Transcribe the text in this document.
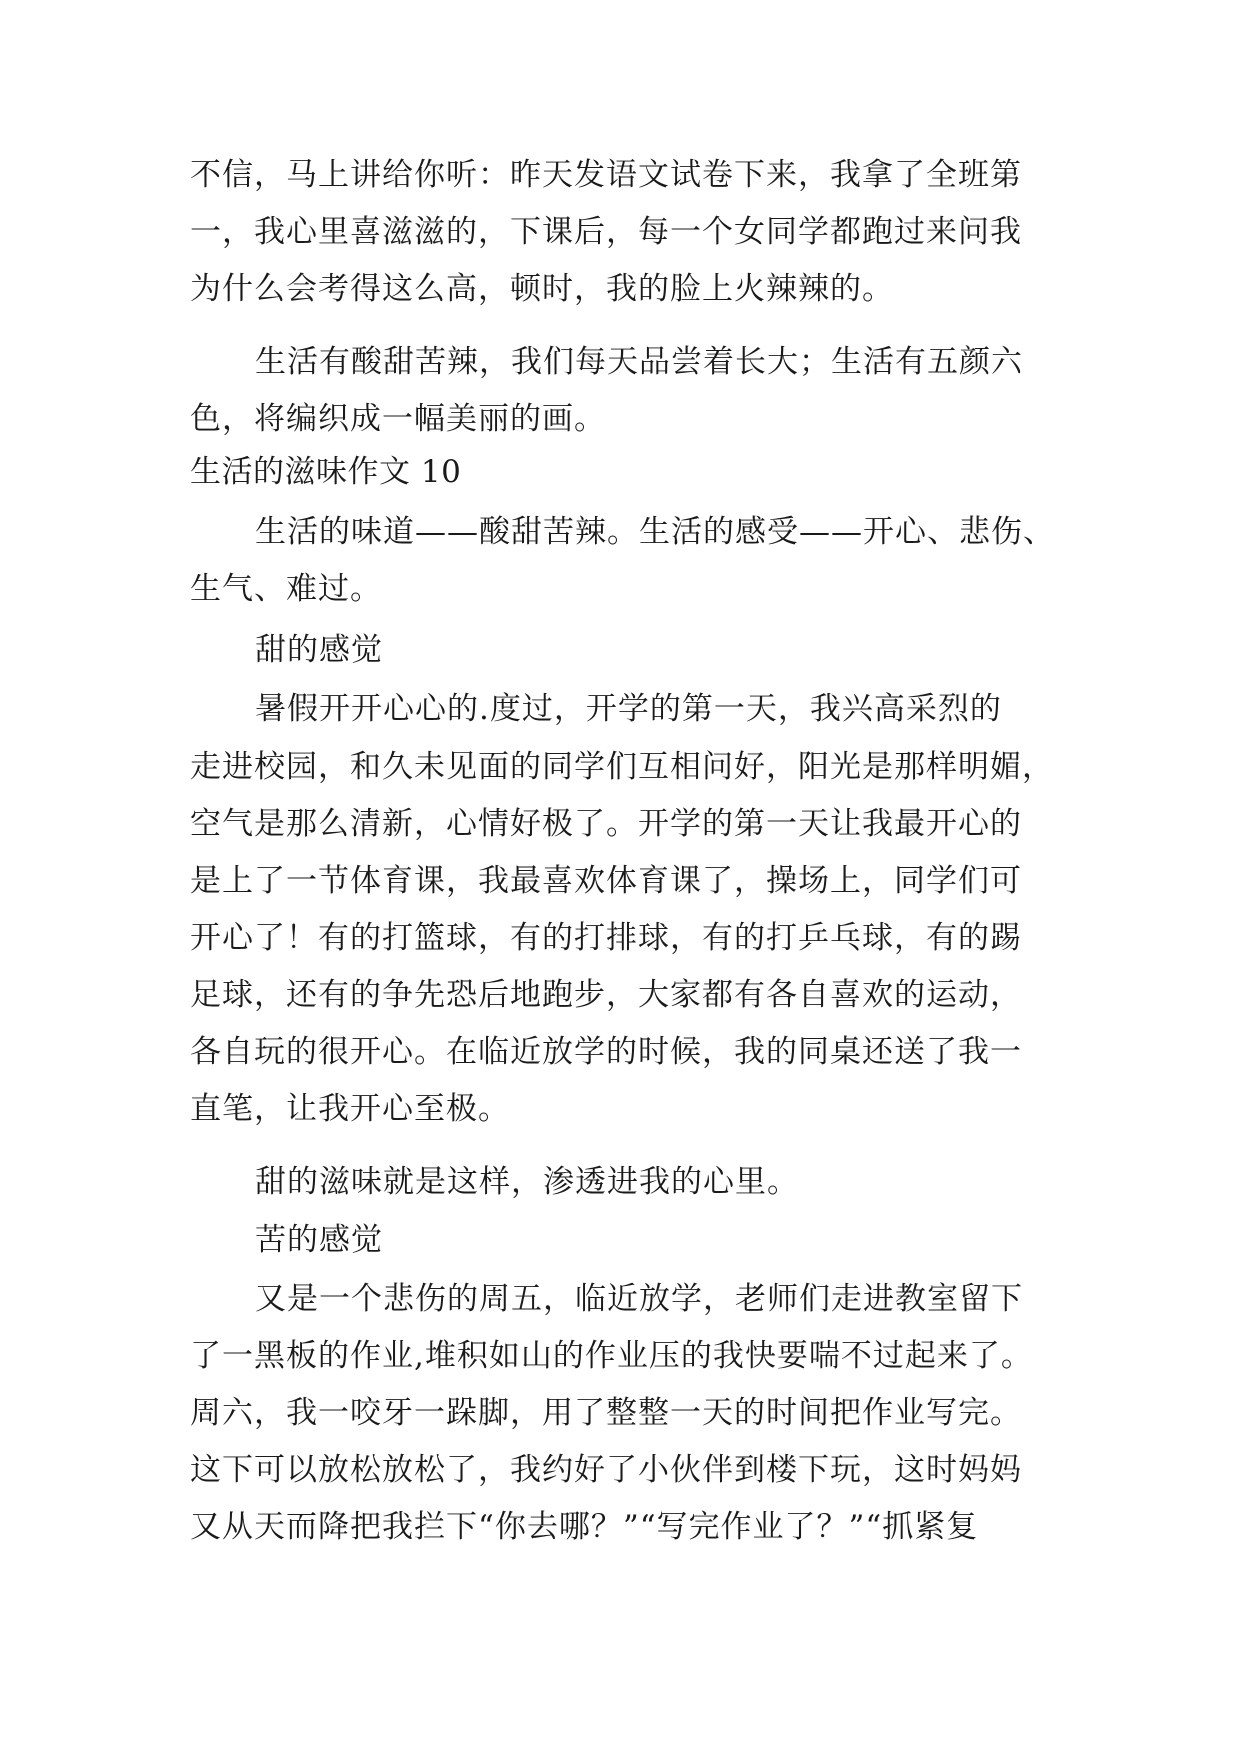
不信，马上讲给你听：昨天发语文试卷下来，我拿了全班第
一，我心里喜滋滋的，下课后，每一个女同学都跑过来问我
为什么会考得这么高，顿时，我的脸上火辣辣的。
生活有酸甜苦辣，我们每天品尝着长大；生活有五颜六
色，将编织成一幅美丽的画。
生活的滋味作文 10
生活的味道——酸甜苦辣。生活的感受——开心、悲伤、
生气、难过。
甜的感觉
暑假开开心心的.度过，开学的第一天，我兴高采烈的
走进校园，和久未见面的同学们互相问好，阳光是那样明媚，
空气是那么清新，心情好极了。开学的第一天让我最开心的
是上了一节体育课，我最喜欢体育课了，操场上，同学们可
开心了！有的打篮球，有的打排球，有的打乒乓球，有的踢
足球，还有的争先恐后地跑步，大家都有各自喜欢的运动，
各自玩的很开心。在临近放学的时候，我的同桌还送了我一
直笔，让我开心至极。
甜的滋味就是这样，渗透进我的心里。
苦的感觉
又是一个悲伤的周五，临近放学，老师们走进教室留下
了一黑板的作业,堆积如山的作业压的我快要喘不过起来了。
周六，我一咬牙一跺脚，用了整整一天的时间把作业写完。
这下可以放松放松了，我约好了小伙伴到楼下玩，这时妈妈
又从天而降把我拦下“你去哪？”“写完作业了？”“抓紧复
